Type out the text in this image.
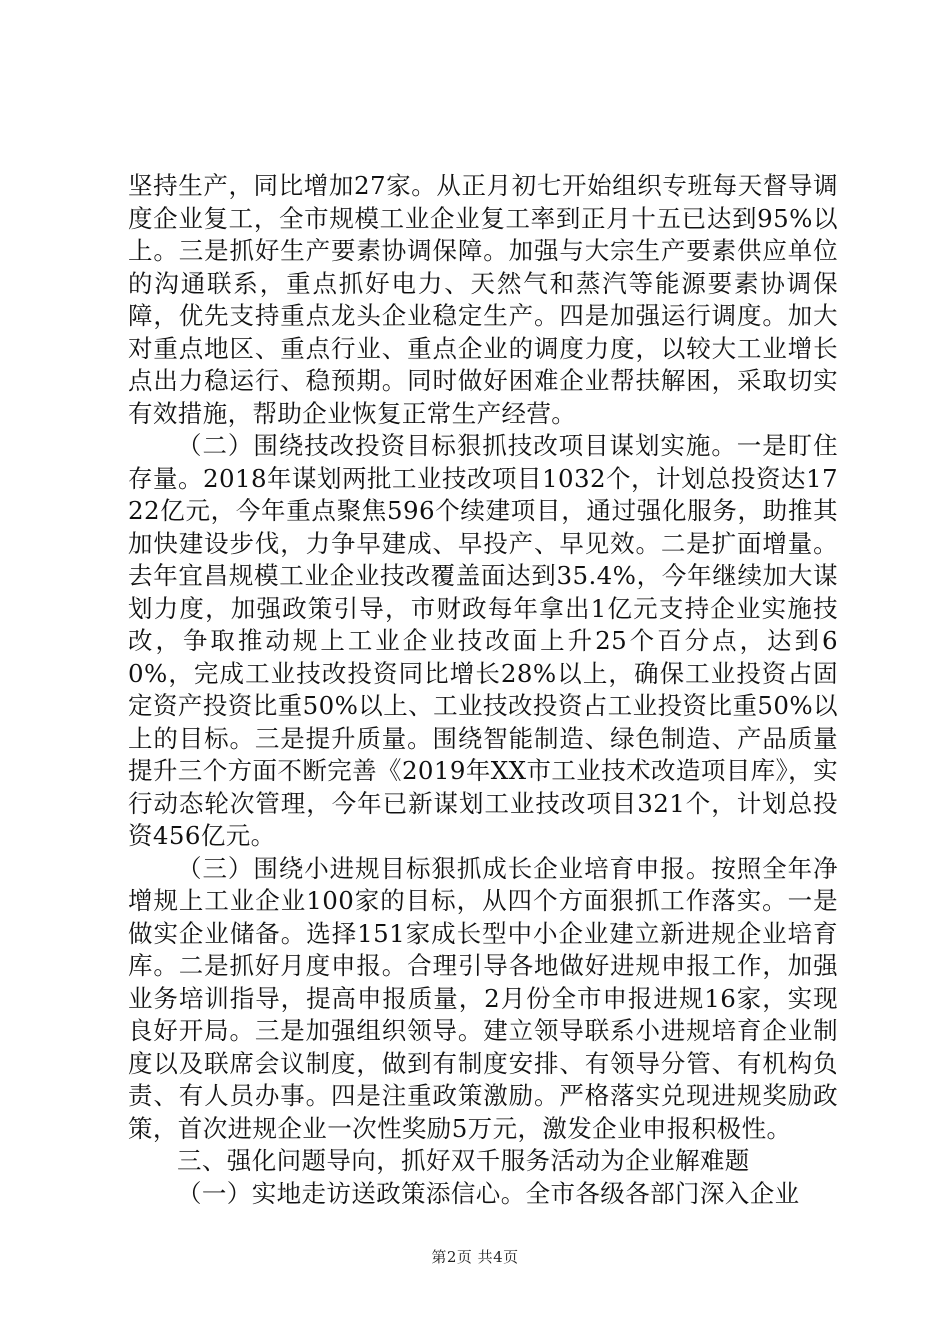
坚持生产，同比增加27家。从正月初七开始组织专班每天督导调度企业复工，全市规模工业企业复工率到正月十五已达到95%以上。三是抓好生产要素协调保障。加强与大宗生产要素供应单位的沟通联系，重点抓好电力、天然气和蒸汽等能源要素协调保障，优先支持重点龙头企业稳定生产。四是加强运行调度。加大对重点地区、重点行业、重点企业的调度力度，以较大工业增长点出力稳运行、稳预期。同时做好困难企业帮扶解困，采取切实有效措施，帮助企业恢复正常生产经营。

（二）围绕技改投资目标狠抓技改项目谋划实施。一是盯住存量。2018年谋划两批工业技改项目1032个，计划总投资达1722亿元，今年重点聚焦596个续建项目，通过强化服务，助推其加快建设步伐，力争早建成、早投产、早见效。二是扩面增量。去年宜昌规模工业企业技改覆盖面达到35.4%，今年继续加大谋划力度，加强政策引导，市财政每年拿出1亿元支持企业实施技改，争取推动规上工业企业技改面上升25个百分点，达到60%，完成工业技改投资同比增长28%以上，确保工业投资占固定资产投资比重50%以上、工业技改投资占工业投资比重50%以上的目标。三是提升质量。围绕智能制造、绿色制造、产品质量提升三个方面不断完善《2019年XX市工业技术改造项目库》，实行动态轮次管理，今年已新谋划工业技改项目321个，计划总投资456亿元。

（三）围绕小进规目标狠抓成长企业培育申报。按照全年净增规上工业企业100家的目标，从四个方面狠抓工作落实。一是做实企业储备。选择151家成长型中小企业建立新进规企业培育库。二是抓好月度申报。合理引导各地做好进规申报工作，加强业务培训指导，提高申报质量，2月份全市申报进规16家，实现良好开局。三是加强组织领导。建立领导联系小进规培育企业制度以及联席会议制度，做到有制度安排、有领导分管、有机构负责、有人员办事。四是注重政策激励。严格落实兑现进规奖励政策，首次进规企业一次性奖励5万元，激发企业申报积极性。

三、强化问题导向，抓好双千服务活动为企业解难题

（一）实地走访送政策添信心。全市各级各部门深入企业

第2页 共4页
